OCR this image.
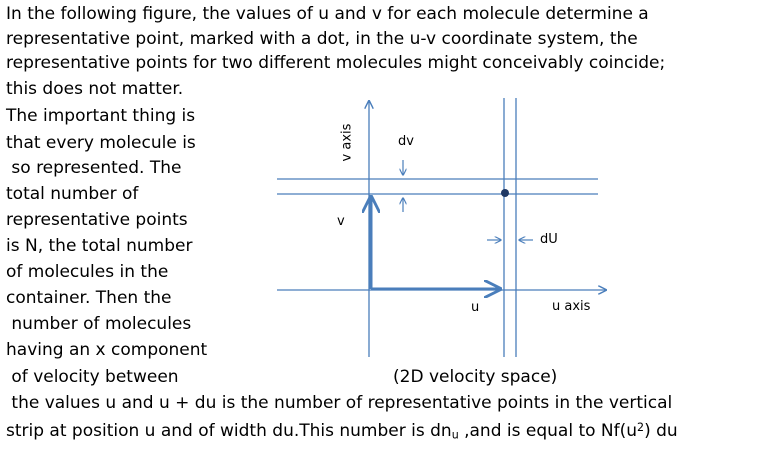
v axis	dv
v
dU
u	u axis
In the following figure, the values of u and v for each molecule determine a
representative point, marked with a dot, in the u-v coordinate system, the
representative points for two different molecules might conceivably coincide;
this does not matter.
The important thing is
that every molecule is
so represented. The
total number of
representative points
is N, the total number
of molecules in the
container. Then the
number of molecules
having an x component
of velocity between	(2D velocity space)
the values u and u + du is the number of representative points in the vertical
strip at position u and of width du.This number is $dn_u$ ,and is equal to $Nf(u^2)$ du
